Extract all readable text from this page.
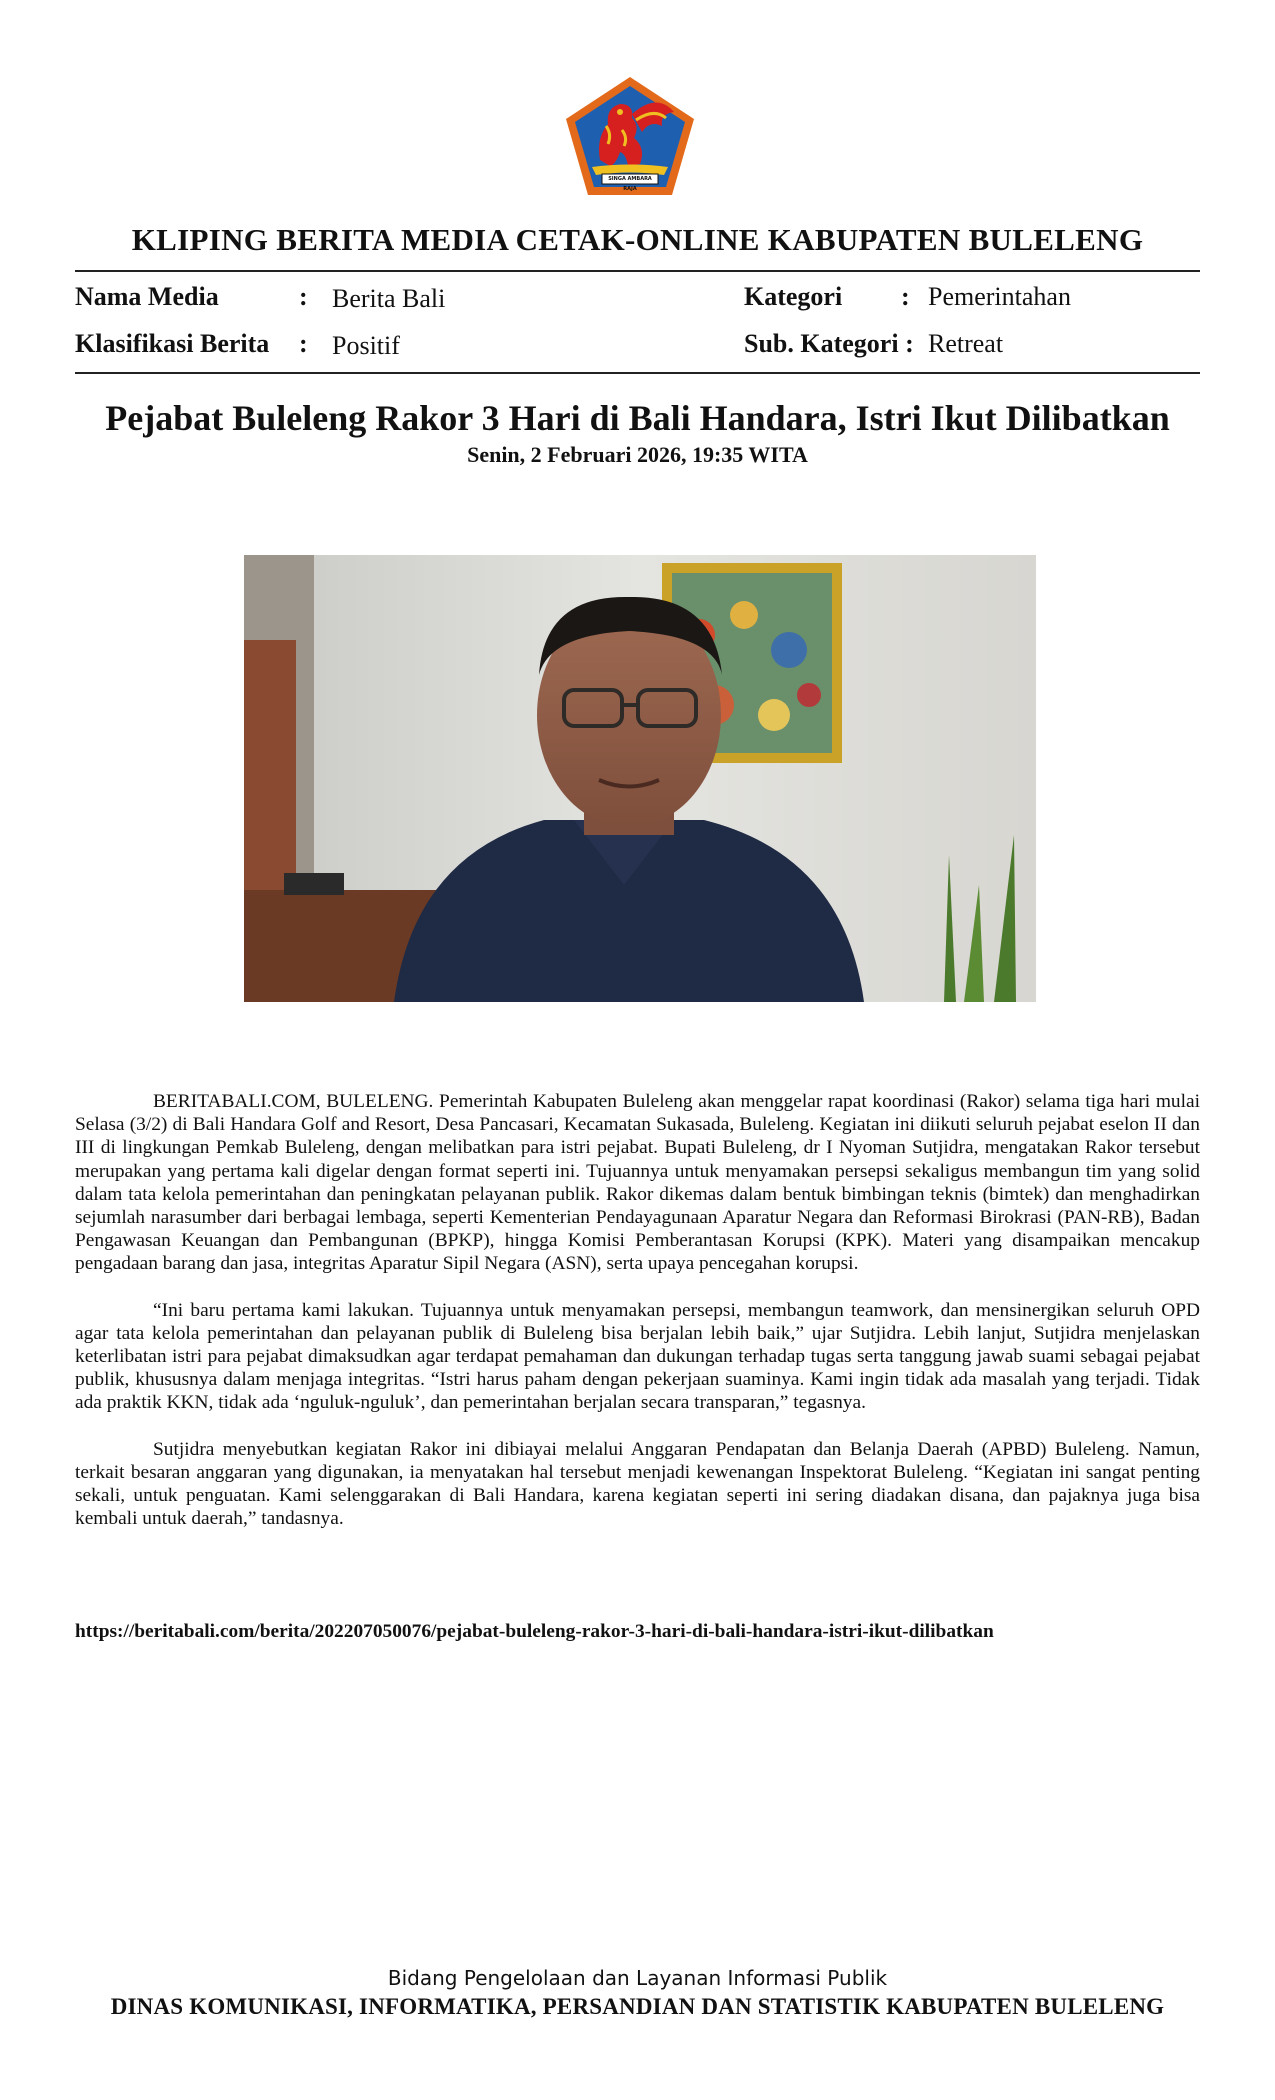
SINGA AMBARA RAJA
KLIPING BERITA MEDIA CETAK-ONLINE KABUPATEN BULELENG
Nama Media	: Berita Bali	Kategori : Pemerintahan
Klasifikasi Berita : Positif	Sub. Kategori : Retreat
Pejabat Buleleng Rakor 3 Hari di Bali Handara, Istri Ikut Dilibatkan
Senin, 2 Februari 2026, 19:35 WITA

BERITABALI.COM, BULELENG. Pemerintah Kabupaten Buleleng akan menggelar rapat koordinasi (Rakor) selama tiga hari mulai Selasa (3/2) di Bali Handara Golf and Resort, Desa Pancasari, Kecamatan Sukasada, Buleleng. Kegiatan ini diikuti seluruh pejabat eselon II dan III di lingkungan Pemkab Buleleng, dengan melibatkan para istri pejabat. Bupati Buleleng, dr I Nyoman Sutjidra, mengatakan Rakor tersebut merupakan yang pertama kali digelar dengan format seperti ini. Tujuannya untuk menyamakan persepsi sekaligus membangun tim yang solid dalam tata kelola pemerintahan dan peningkatan pelayanan publik. Rakor dikemas dalam bentuk bimbingan teknis (bimtek) dan menghadirkan sejumlah narasumber dari berbagai lembaga, seperti Kementerian Pendayagunaan Aparatur Negara dan Reformasi Birokrasi (PAN-RB), Badan Pengawasan Keuangan dan Pembangunan (BPKP), hingga Komisi Pemberantasan Korupsi (KPK). Materi yang disampaikan mencakup pengadaan barang dan jasa, integritas Aparatur Sipil Negara (ASN), serta upaya pencegahan korupsi.

“Ini baru pertama kami lakukan. Tujuannya untuk menyamakan persepsi, membangun teamwork, dan mensinergikan seluruh OPD agar tata kelola pemerintahan dan pelayanan publik di Buleleng bisa berjalan lebih baik,” ujar Sutjidra. Lebih lanjut, Sutjidra menjelaskan keterlibatan istri para pejabat dimaksudkan agar terdapat pemahaman dan dukungan terhadap tugas serta tanggung jawab suami sebagai pejabat publik, khususnya dalam menjaga integritas. “Istri harus paham dengan pekerjaan suaminya. Kami ingin tidak ada masalah yang terjadi. Tidak ada praktik KKN, tidak ada ‘nguluk-nguluk’, dan pemerintahan berjalan secara transparan,” tegasnya.

Sutjidra menyebutkan kegiatan Rakor ini dibiayai melalui Anggaran Pendapatan dan Belanja Daerah (APBD) Buleleng. Namun, terkait besaran anggaran yang digunakan, ia menyatakan hal tersebut menjadi kewenangan Inspektorat Buleleng. “Kegiatan ini sangat penting sekali, untuk penguatan. Kami selenggarakan di Bali Handara, karena kegiatan seperti ini sering diadakan disana, dan pajaknya juga bisa kembali untuk daerah,” tandasnya.

https://beritabali.com/berita/202207050076/pejabat-buleleng-rakor-3-hari-di-bali-handara-istri-ikut-dilibatkan
Bidang Pengelolaan dan Layanan Informasi Publik
DINAS KOMUNIKASI, INFORMATIKA, PERSANDIAN DAN STATISTIK KABUPATEN BULELENG
